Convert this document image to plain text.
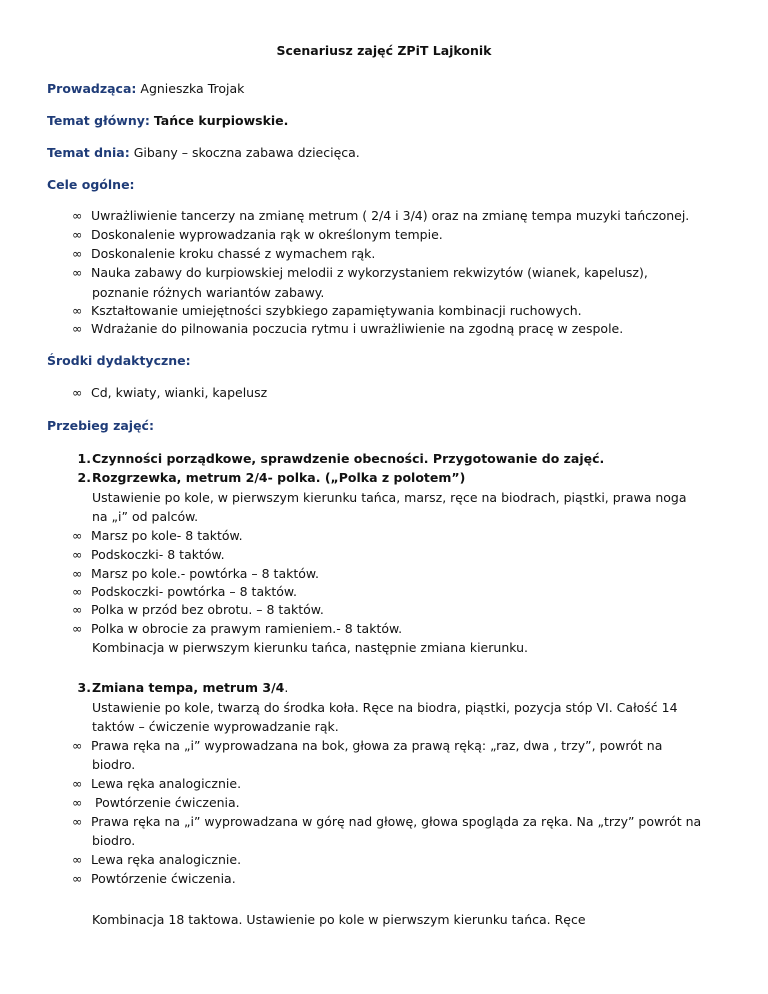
Scenariusz zajęć ZPiT Lajkonik
Prowadząca: Agnieszka Trojak
Temat główny: Tańce kurpiowskie.
Temat dnia: Gibany – skoczna zabawa dziecięca.
Cele ogólne:
∞ Uwrażliwienie tancerzy na zmianę metrum ( 2/4 i 3/4) oraz na zmianę tempa muzyki tańczonej.
∞ Doskonalenie wyprowadzania rąk w określonym tempie.
∞ Doskonalenie kroku chassé z wymachem rąk.
∞ Nauka zabawy do kurpiowskiej melodii z wykorzystaniem rekwizytów (wianek, kapelusz),
poznanie różnych wariantów zabawy.
∞ Kształtowanie umiejętności szybkiego zapamiętywania kombinacji ruchowych.
∞ Wdrażanie do pilnowania poczucia rytmu i uwrażliwienie na zgodną pracę w zespole.
Środki dydaktyczne:
∞ Cd, kwiaty, wianki, kapelusz
Przebieg zajęć:
1. Czynności porządkowe, sprawdzenie obecności. Przygotowanie do zajęć.
2. Rozgrzewka, metrum 2/4- polka. („Polka z polotem”)
Ustawienie po kole, w pierwszym kierunku tańca, marsz, ręce na biodrach, piąstki, prawa noga
na „i” od palców.
∞ Marsz po kole- 8 taktów.
∞ Podskoczki- 8 taktów.
∞ Marsz po kole.- powtórka – 8 taktów.
∞ Podskoczki- powtórka – 8 taktów.
∞ Polka w przód bez obrotu. – 8 taktów.
∞ Polka w obrocie za prawym ramieniem.- 8 taktów.
Kombinacja w pierwszym kierunku tańca, następnie zmiana kierunku.
3. Zmiana tempa, metrum 3/4.
Ustawienie po kole, twarzą do środka koła. Ręce na biodra, piąstki, pozycja stóp VI. Całość 14
taktów – ćwiczenie wyprowadzanie rąk.
∞ Prawa ręka na „i” wyprowadzana na bok, głowa za prawą ręką: „raz, dwa , trzy”, powrót na
biodro.
∞ Lewa ręka analogicznie.
∞ Powtórzenie ćwiczenia.
∞ Prawa ręka na „i” wyprowadzana w górę nad głowę, głowa spogląda za ręka. Na „trzy” powrót na
biodro.
∞ Lewa ręka analogicznie.
∞ Powtórzenie ćwiczenia.
Kombinacja 18 taktowa. Ustawienie po kole w pierwszym kierunku tańca. Ręce
